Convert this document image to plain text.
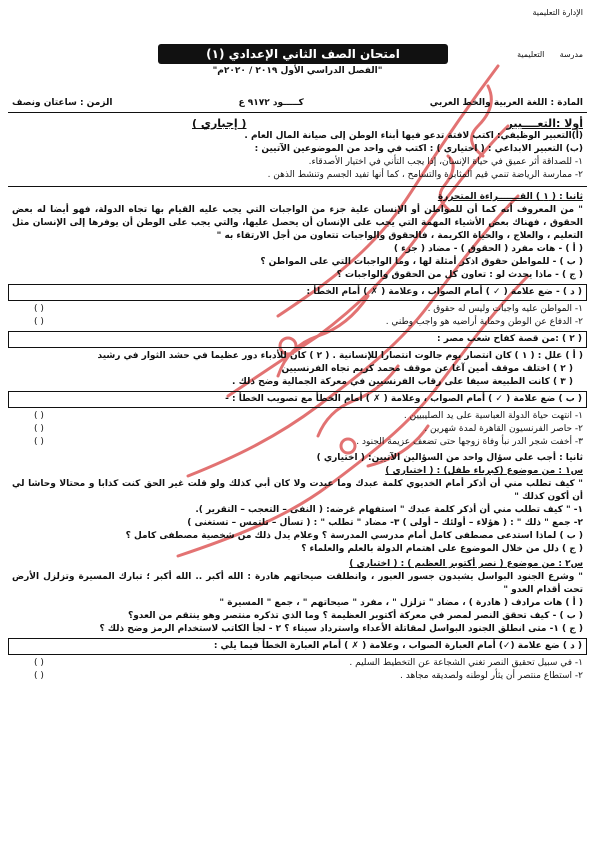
الإدارة التعليمية
مدرسة      التعليمية
امتحان الصف الثاني الإعدادي (١)
"الفصل الدراسي الأول ٢٠١٩ / ٢٠٢٠م"
المادة : اللغة العربية والخط العربي
كـــــود ٩١٧٢ ع
الزمن : ساعتان ونصف
أولا :التعــــبير
( إجباري )

(أ)التعبير الوظيفي: اكتب لافتة تدعو فيها أبناء الوطن إلى صيانة المال العام .

(ب) التعبير الابداعي : ( اختياري ) : اكتب في واحد من الموضوعين الآتيين :

١- للصداقة أثر عميق في حياة الإنسان، إذا يجب التأني في اختيار الأصدقاء.

٢- ممارسة الرياضة تنمي قيم المثابرة والتسامح ، كما أنها تفيد الجسم وتنشط الذهن .

ثانيا : ( ١ ) القـــــــراءة المتحررة

" من المعروف أنه كما أن للمواطن أو الإنسان علية جزء من الواجبات التي يجب عليه القيام بها تجاه الدولة، فهو أيضا له بعض الحقوق ، فهناك بعض الأشياء المهمة التي يجب على الإنسان أن يحصل عليها، والتي يجب على الوطن أن يوفرها إلى الإنسان مثل التعليم ، والعلاج ، والحياة الكريمة ، فالحقوق والواجبات تتعاون من أجل الارتقاء به "

( أ ) - هات مفرد ( الحقوق ) - مضاد ( جزء )

( ب ) - للمواطن حقوق اذكر أمثلة لها ، وما الواجبات التي على المواطن ؟

( ج ) - ماذا يحدث لو : تعاون كل من الحقوق والواجبات ؟

( د ) - ضع علامة ( ✓ ) أمام الصواب ، وعلامة ( ✗ ) أمام الخطأ :
١- المواطن عليه واجبات وليس له حقوق .
( )
٢- الدفاع عن الوطن وحماية أراضيه هو واجب وطني .
( )
( ٢ ) :من قصة كفاح شعب مصر :

( أ ) علل : ( ١ ) كان انتصار يوم جالوت انتصارا للإنسانية . ( ٢ ) كان للأدباء دور عظيما في حشد الثوار في رشيد

( ٢ ) اختلف موقف أمين آغا عن موقف محمد كريم تجاه الفرنسيين

( ٣ ) كانت الطبيعة سيفا على رقاب الفرنسيين في معركة الجمالية وضح ذلك .

( ب ) ضع علامة ( ✓ ) أمام الصواب ، وعلامة ( ✗ ) أمام الخطأ مع تصويب الخطأ : -
١- انتهت حياة الدولة العباسية على يد الصليبيين .
( )
٢- حاصر الفرنسيون القاهرة لمدة شهرين .
( )
٣- أخفت شجر الدر نبأ وفاة زوجها حتى تضعف عزيمة الجنود .
( )

ثانيا : أجب على سؤال واحد من السؤالين الآتيين: ( اختياري )

س١ : من موضوع (كبرياء طفل) : ( اختياري )

" كيف تطلب مني أن أذكر أمام الخديوي كلمة عبدك وما عبدت ولا كان أبي كذلك ولو قلت غير الحق كنت كذابا و محتالا وحاشا لي أن أكون كذلك "

١- " كيف تطلب مني أن أذكر كلمة عبدك " استفهام غرضه: ( النفى – التعجب – التقرير ).

٢- جمع " ذلك " : ( هؤلاء – أولئك – أولى ) ٣- مضاد " تطلب " : ( تسأل – تلتمس – تستغنى )

( ب ) لماذا استدعى مصطفى كامل أمام مدرسي المدرسة ؟ وعلام يدل ذلك من شخصية مصطفى كامل ؟

( ج ) دلل من خلال الموضوع على اهتمام الدولة بالعلم والعلماء ؟

س٢ : من موضوع ( نصر أكتوبر العظيم ) : ( اختياري )

" وشرع الجنود البواسل يشيدون جسور العبور ، وانطلقت صيحاتهم هادرة : الله أكبر .. الله أكبر ؛ تبارك المسيرة وتزلزل الأرض تحت أقدام العدو "

( أ ) هات مرادف ( هادرة ) ، مضاد " تزلزل " ، مفرد " صيحاتهم " ، جمع " المسيرة "

( ب ) - كيف تحقق النصر لمصر في معركة أكتوبر العظيمة ؟ وما الذي تذكره منتصر وهو ينتقم من العدو؟

( ج ) ١- متى انطلق الجنود البواسل لمقاتلة الأعداء واسترداد سيناء ؟ ٢ - لجأ الكاتب لاستخدام الرمز وضح ذلك ؟

( د ) ضع علامة (✓) أمام العبارة الصواب ، وعلامة ( ✗ ) أمام العبارة الخطأ فيما يلي :
١- في سبيل تحقيق النصر تغني الشجاعة عن التخطيط السليم .
( )
٢- استطاع منتصر أن يثأر لوطنه ولصديقه مجاهد .
( )
